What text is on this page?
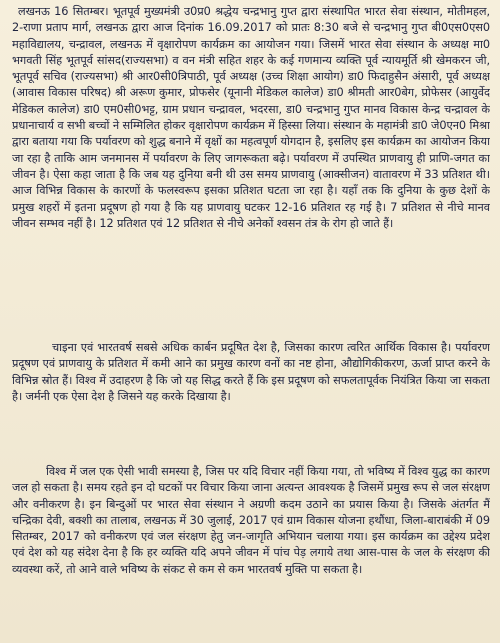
लखनऊ 16 सितम्बर। भूतपूर्व मुख्यमंत्री उ0प्र0 श्रद्धेय चन्द्रभानु गुप्त द्वारा संस्थापित भारत सेवा संस्थान, मोतीमहल, 2-राणा प्रताप मार्ग, लखनऊ द्वारा आज दिनांक 16.09.2017 को प्रातः 8:30 बजे से चन्द्रभानु गुप्त बी0एस0एस0 महाविद्यालय, चन्द्रावल, लखनऊ में वृक्षारोपण कार्यक्रम का आयोजन गया। जिसमें भारत सेवा संस्थान के अध्यक्ष मा0 भगवती सिंह भूतपूर्व सांसद(राज्यसभा) व वन मंत्री सहित शहर के कई गणमान्य व्यक्ति पूर्व न्यायमूर्ति श्री खेमकरन जी, भूतपूर्व सचिव (राज्यसभा) श्री आर0सी0त्रिपाठी, पूर्व अध्यक्ष (उच्च शिक्षा आयोग) डा0 फिदाहुसैन अंसारी, पूर्व अध्यक्ष (आवास विकास परिषद) श्री अरूण कुमार, प्रोफसेर (यूनानी मेडिकल कालेज) डा0 श्रीमती आर0बेग, प्रोफेसर (आयुर्वेद मेडिकल कालेज) डा0 एम0सी0भट्ट, ग्राम प्रधान चन्द्रावल, भदरसा, डा0 चन्द्रभानु गुप्त मानव विकास केन्द्र चन्द्रावल के प्रधानाचार्य व सभी बच्चों ने सम्मिलित होकर वृक्षारोपण कार्यक्रम में हिस्सा लिया। संस्थान के महामंत्री डा0 जे0एन0 मिश्रा द्वारा बताया गया कि पर्यावरण को शुद्ध बनाने में वृक्षों का महत्वपूर्ण योगदान है, इसलिए इस कार्यक्रम का आयोजन किया जा रहा है ताकि आम जनमानस में पर्यावरण के लिए जागरूकता बढ़े। पर्यावरण में उपस्थित प्राणवायु ही प्राणि-जगत का जीवन है। ऐसा कहा जाता है कि जब यह दुनिया बनी थी उस समय प्राणवायु (आक्सीजन) वातावरण में 33 प्रतिशत थी। आज विभिन्न विकास के कारणों के फलस्वरूप इसका प्रतिशत घटता जा रहा है। यहाँ तक कि दुनिया के कुछ देशों के प्रमुख शहरों में इतना प्रदूषण हो गया है कि यह प्राणवायु घटकर 12-16 प्रतिशत रह गई है। 7 प्रतिशत से नीचे मानव जीवन सम्भव नहीं है। 12 प्रतिशत एवं 12 प्रतिशत से नीचे अनेकों श्वसन तंत्र के रोग हो जाते हैं।

चाइना एवं भारतवर्ष सबसे अधिक कार्बन प्रदूषित देश है, जिसका कारण त्वरित आर्थिक विकास है। पर्यावरण प्रदूषण एवं प्राणवायु के प्रतिशत में कमी आने का प्रमुख कारण वनों का नष्ट होना, औद्योगिकीकरण, ऊर्जा प्राप्त करने के विभिन्न स्रोत हैं। विश्व में उदाहरण है कि जो यह सिद्ध करते हैं कि इस प्रदूषण को सफलतापूर्वक नियंत्रित किया जा सकता है। जर्मनी एक ऐसा देश है जिसने यह करके दिखाया है।

विश्व में जल एक ऐसी भावी समस्या है, जिस पर यदि विचार नहीं किया गया, तो भविष्य में विश्व युद्ध का कारण जल हो सकता है। समय रहते इन दो घटकों पर विचार किया जाना अत्यन्त आवश्यक है जिसमें प्रमुख रूप से जल संरक्षण और वनीकरण है। इन बिन्दुओं पर भारत सेवा संस्थान ने अग्रणी कदम उठाने का प्रयास किया है। जिसके अंतर्गत मैं चन्द्रिका देवी, बक्शी का तालाब, लखनऊ में 30 जुलाई, 2017 एवं ग्राम विकास योजना हथौंधा, जिला-बाराबंकी में 09 सितम्बर, 2017 को वनीकरण एवं जल संरक्षण हेतु जन-जागृति अभियान चलाया गया। इस कार्यक्रम का उद्देश्य प्रदेश एवं देश को यह संदेश देना है कि हर व्यक्ति यदि अपने जीवन में पांच पेड़ लगाये तथा आस-पास के जल के संरक्षण की व्यवस्था करें, तो आने वाले भविष्य के संकट से कम से कम भारतवर्ष मुक्ति पा सकता है।
